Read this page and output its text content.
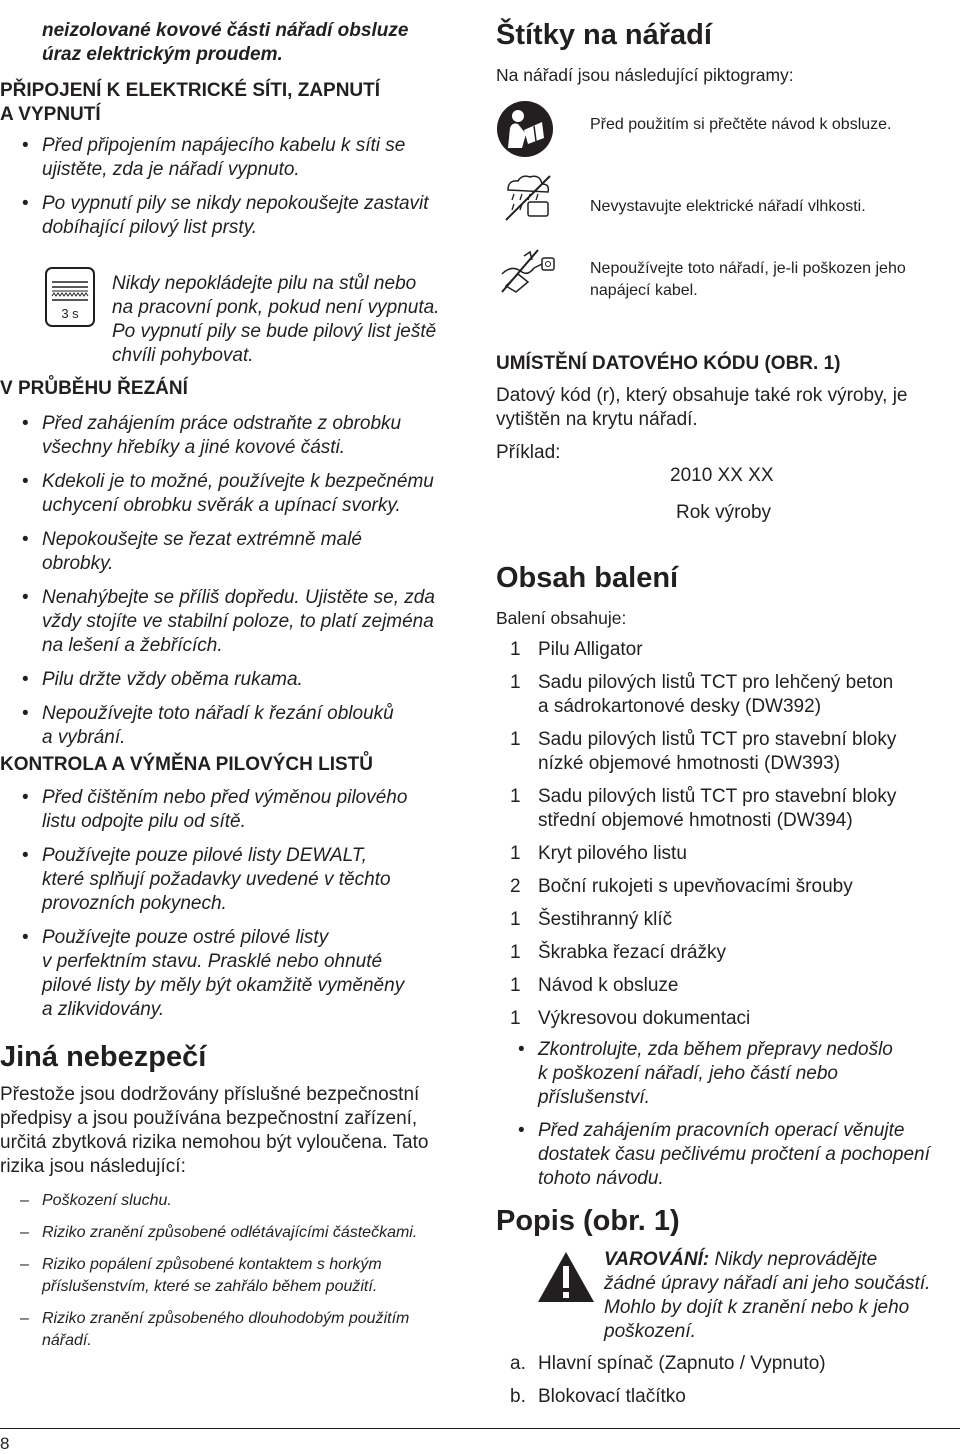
neizolované kovové části nářadí obsluze
úraz elektrickým proudem.
PŘIPOJENÍ K ELEKTRICKÉ SÍTI, ZAPNUTÍ
A VYPNUTÍ
• Před připojením napájecího kabelu k síti se
ujistěte, zda je nářadí vypnuto.
• Po vypnutí pily se nikdy nepokoušejte zastavit
dobíhající pilový list prsty.
3 s
Nikdy nepokládejte pilu na stůl nebo
na pracovní ponk, pokud není vypnuta.
Po vypnutí pily se bude pilový list ještě
chvíli pohybovat.
V PRŮBĚHU ŘEZÁNÍ
• Před zahájením práce odstraňte z obrobku
všechny hřebíky a jiné kovové části.
• Kdekoli je to možné, používejte k bezpečnému
uchycení obrobku svěrák a upínací svorky.
• Nepokoušejte se řezat extrémně malé
obrobky.
• Nenahýbejte se příliš dopředu. Ujistěte se, zda
vždy stojíte ve stabilní poloze, to platí zejména
na lešení a žebřících.
• Pilu držte vždy oběma rukama.
• Nepoužívejte toto nářadí k řezání oblouků
a vybrání.
KONTROLA A VÝMĚNA PILOVÝCH LISTŮ
• Před čištěním nebo před výměnou pilového
listu odpojte pilu od sítě.
• Používejte pouze pilové listy DEWALT,
které splňují požadavky uvedené v těchto
provozních pokynech.
• Používejte pouze ostré pilové listy
v perfektním stavu. Prasklé nebo ohnuté
pilové listy by měly být okamžitě vyměněny
a zlikvidovány.
Jiná nebezpečí
Přestože jsou dodržovány příslušné bezpečnostní
předpisy a jsou používána bezpečnostní zařízení,
určitá zbytková rizika nemohou být vyloučena. Tato
rizika jsou následující:
– Poškození sluchu.
– Riziko zranění způsobené odlétávajícími částečkami.
– Riziko popálení způsobené kontaktem s horkým
příslušenstvím, které se zahřálo během použití.
– Riziko zranění způsobeného dlouhodobým použitím
nářadí.
Štítky na nářadí
Na nářadí jsou následující piktogramy:
Před použitím si přečtěte návod k obsluze.
Nevystavujte elektrické nářadí vlhkosti.
Nepoužívejte toto nářadí, je-li poškozen jeho
napájecí kabel.
UMÍSTĚNÍ DATOVÉHO KÓDU (OBR. 1)
Datový kód (r), který obsahuje také rok výroby, je
vytištěn na krytu nářadí.
Příklad:
2010 XX XX
Rok výroby
Obsah balení
Balení obsahuje:
1 Pilu Alligator
1 Sadu pilových listů TCT pro lehčený beton
a sádrokartonové desky (DW392)
1 Sadu pilových listů TCT pro stavební bloky
nízké objemové hmotnosti (DW393)
1 Sadu pilových listů TCT pro stavební bloky
střední objemové hmotnosti (DW394)
1 Kryt pilového listu
2 Boční rukojeti s upevňovacími šrouby
1 Šestihranný klíč
1 Škrabka řezací drážky
1 Návod k obsluze
1 Výkresovou dokumentaci
• Zkontrolujte, zda během přepravy nedošlo
k poškození nářadí, jeho částí nebo
příslušenství.
• Před zahájením pracovních operací věnujte
dostatek času pečlivému pročtení a pochopení
tohoto návodu.
Popis (obr. 1)
VAROVÁNÍ: Nikdy neprovádějte
žádné úpravy nářadí ani jeho součástí.
Mohlo by dojít k zranění nebo k jeho
poškození.
a. Hlavní spínač (Zapnuto / Vypnuto)
b. Blokovací tlačítko
8
